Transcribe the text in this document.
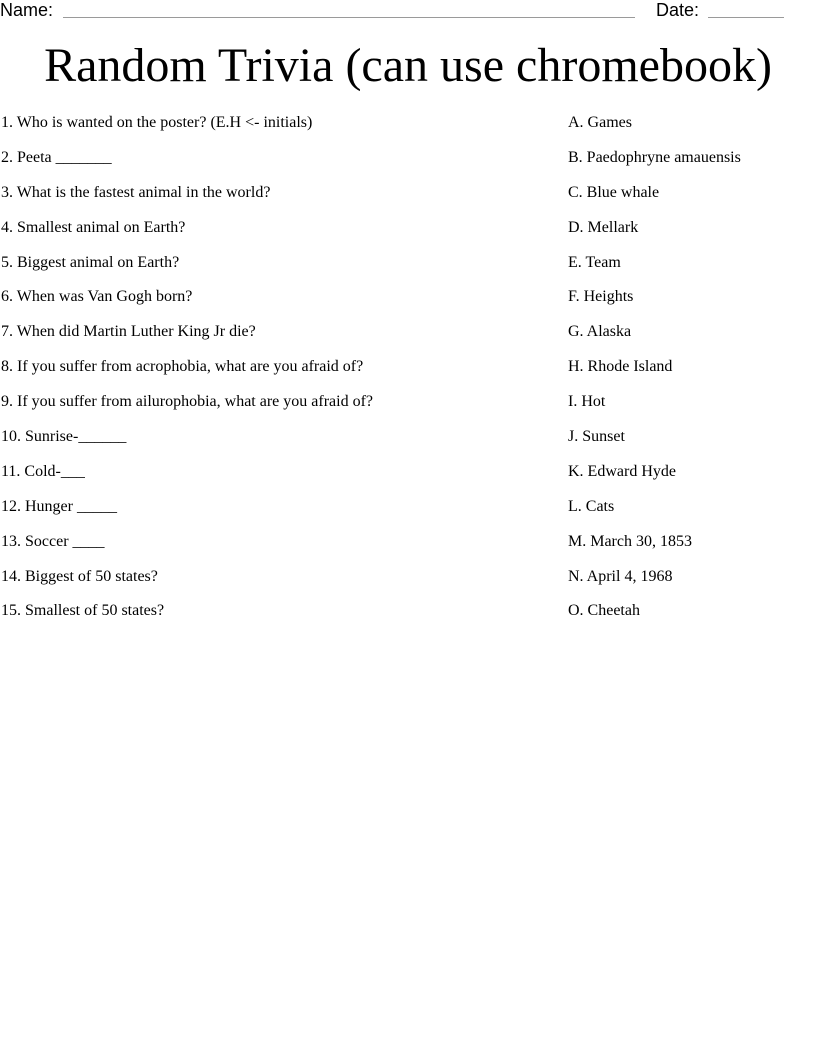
Name:	Date:
Random Trivia (can use chromebook)
1. Who is wanted on the poster? (E.H <- initials)
2. Peeta _______
3. What is the fastest animal in the world?
4. Smallest animal on Earth?
5. Biggest animal on Earth?
6. When was Van Gogh born?
7. When did Martin Luther King Jr die?
8. If you suffer from acrophobia, what are you afraid of?
9. If you suffer from ailurophobia, what are you afraid of?
10. Sunrise-______
11. Cold-___
12. Hunger _____
13. Soccer ____
14. Biggest of 50 states?
15. Smallest of 50 states?
A. Games
B. Paedophryne amauensis
C. Blue whale
D. Mellark
E. Team
F. Heights
G. Alaska
H. Rhode Island
I. Hot
J. Sunset
K. Edward Hyde
L. Cats
M. March 30, 1853
N. April 4, 1968
O. Cheetah
